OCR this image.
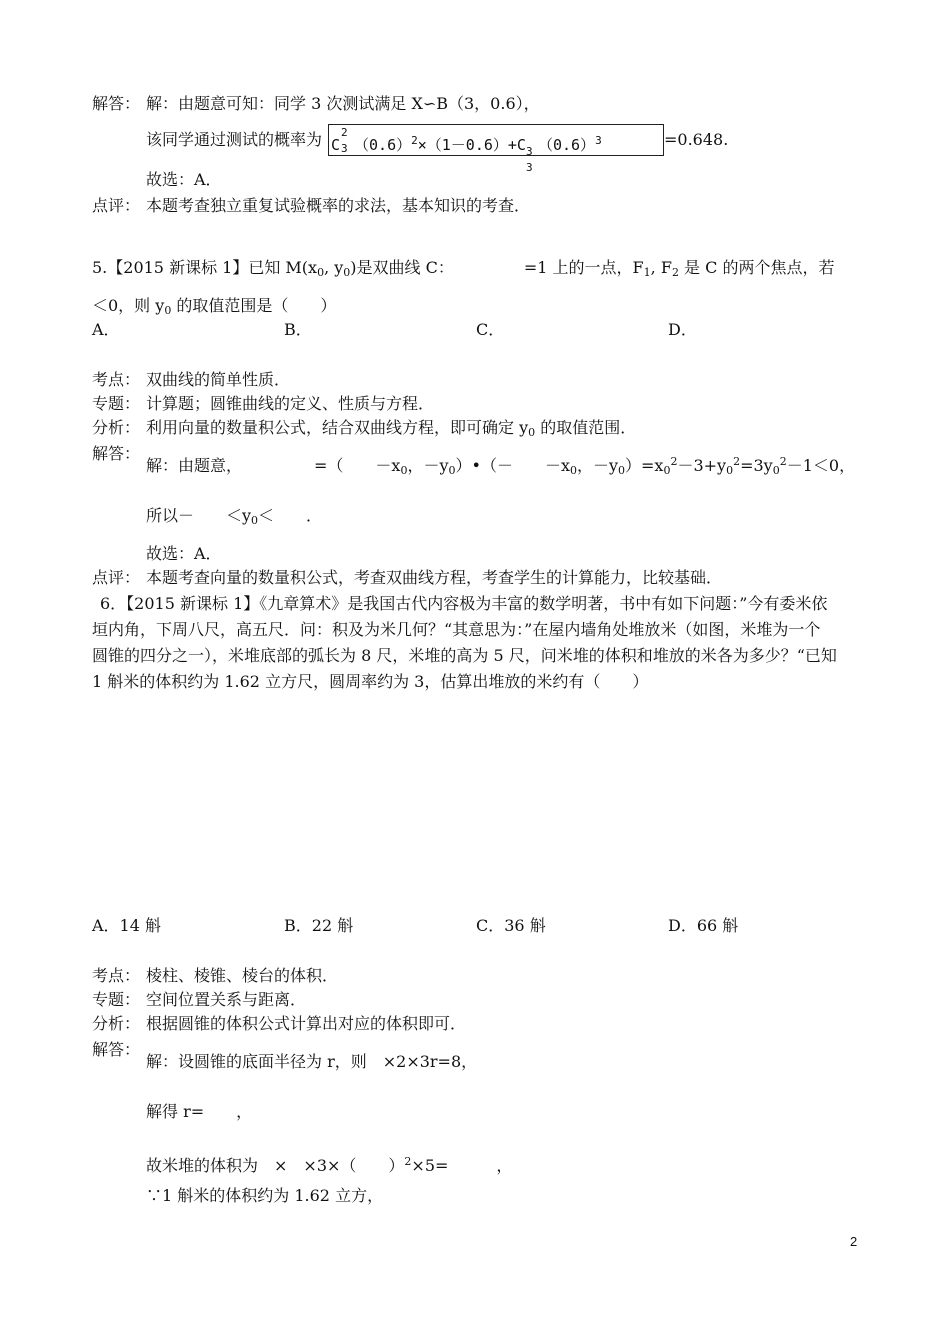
解答： 解：由题意可知：同学 3 次测试满足 X∽B（3，0.6），
该同学通过测试的概率为 C
2
3 $(0.6)^2\times(1-0.6)+C$ 3
3
$(0.6)^3$	=0.648.
故选：A．
点评： 本题考查独立重复试验概率的求法，基本知识的考查．
5.【2015 新课标 1】已知 $M(x_0$, $y_0$)是双曲线 C：	=1 上的一点，$F_1$, $F_2$ 是 C 的两个焦点，若
＜0，则 $y_0$ 的取值范围是（　　）
A．	B．	C．	D．
考点： 双曲线的简单性质．
专题： 计算题；圆锥曲线的定义、性质与方程．
分析： 利用向量的数量积公式，结合双曲线方程，即可确定 $y_0$ 的取值范围．
解答：
解：由题意，	=（　　$-x_0$，$-y_0)•(-$　　$-x_0$，$-y_0)=x_0^2-3+y_0^2=3y_0^2-1<0$，
所以－　　$<y_0<$　　．
故选：A．
点评： 本题考查向量的数量积公式，考查双曲线方程，考查学生的计算能力，比较基础．
6．【2015 新课标 1】《九章算术》是我国古代内容极为丰富的数学明著，书中有如下问题：”今有委米依
垣内角，下周八尺，高五尺．问：积及为米几何？“其意思为：”在屋内墙角处堆放米（如图，米堆为一个
圆锥的四分之一），米堆底部的弧长为 8 尺，米堆的高为 5 尺，问米堆的体积和堆放的米各为多少？“已知
1 斛米的体积约为 1.62 立方尺，圆周率约为 3，估算出堆放的米约有（　　）
A．14 斛	B．22 斛	C．36 斛	D．66 斛
考点： 棱柱、棱锥、棱台的体积．
专题： 空间位置关系与距离．
分析： 根据圆锥的体积公式计算出对应的体积即可．
解答：
解：设圆锥的底面半径为 r，则　×2×3r=8，
解得 r=　　，
故米堆的体积为　×　×3×（　　）$^2$×5=　　　，
∵1 斛米的体积约为 1.62 立方，
2
